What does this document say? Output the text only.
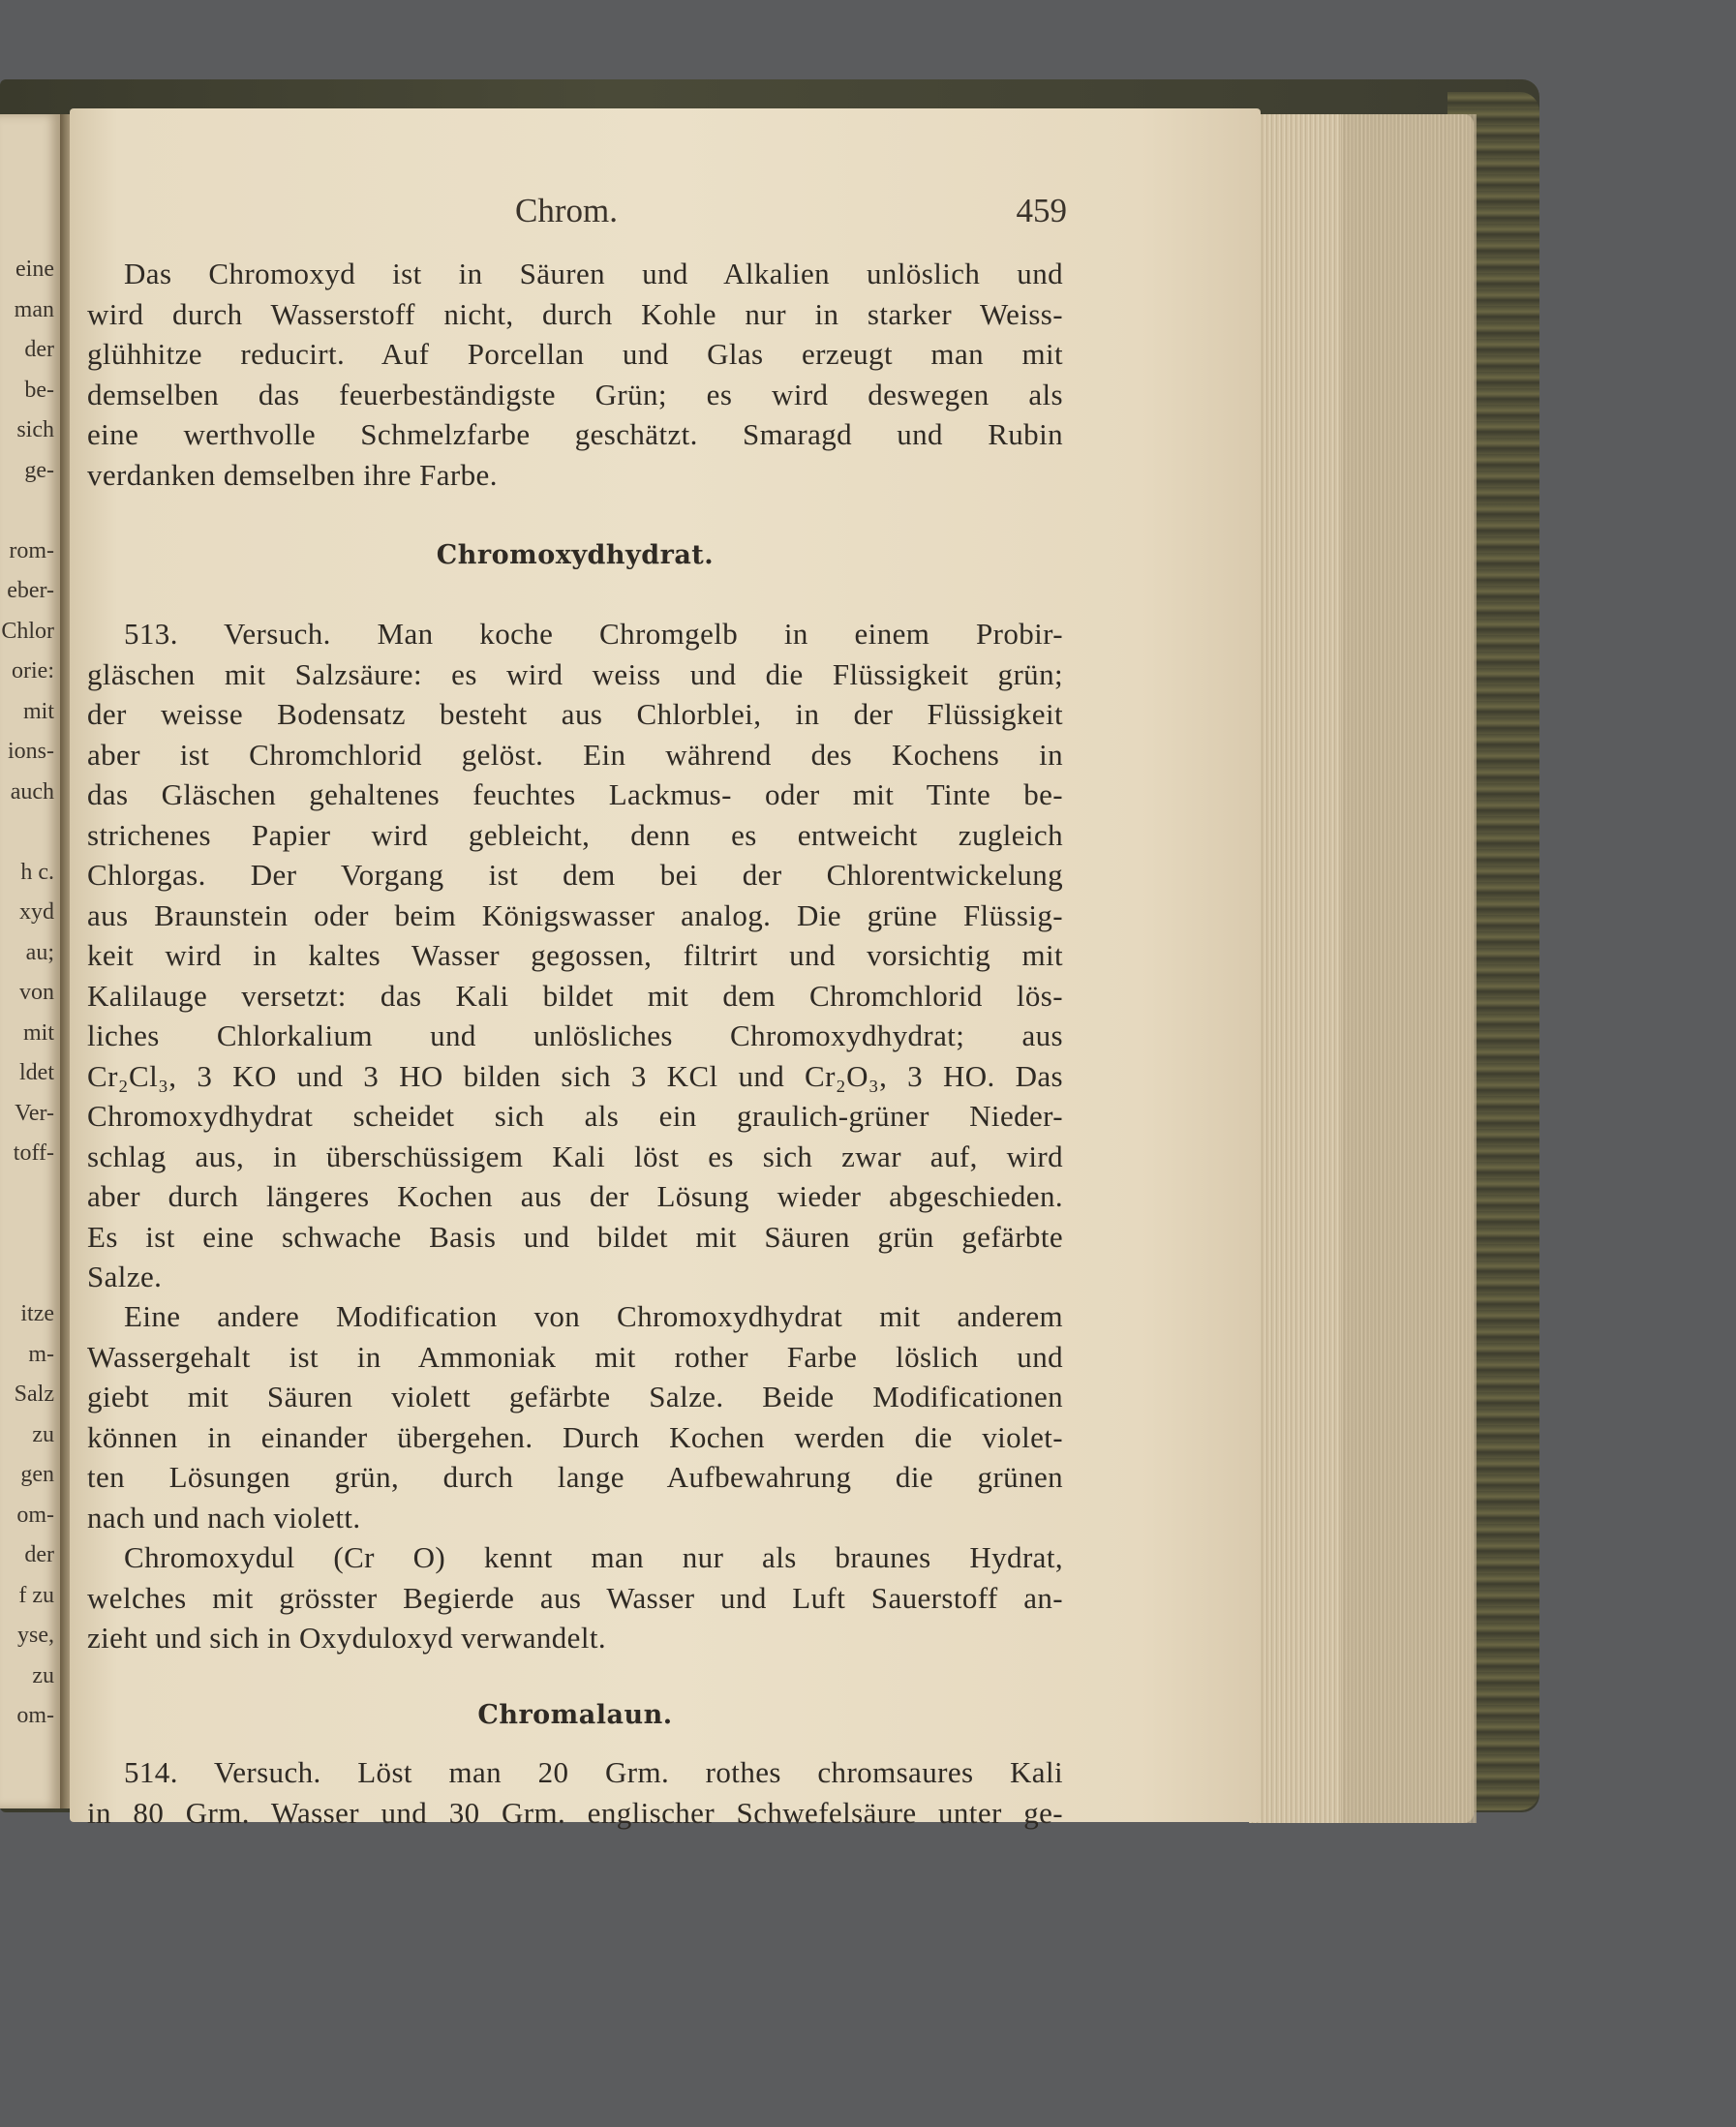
eine
man
der
be-
sich
ge-
rom-
eber-
Chlor
orie:
mit
ions-
auch
h c.
xyd
au;
von
mit
ldet
Ver-
toff-
itze
m-
Salz
zu
gen
om-
der
f zu
yse,
zu
om-
Chrom.	459
Das Chromoxyd ist in Säuren und Alkalien unlöslich und
wird durch Wasserstoff nicht, durch Kohle nur in starker Weiss-
glühhitze reducirt. Auf Porcellan und Glas erzeugt man mit
demselben das feuerbeständigste Grün; es wird deswegen als
eine werthvolle Schmelzfarbe geschätzt. Smaragd und Rubin
verdanken demselben ihre Farbe.
Chromoxydhydrat.
513. Versuch. Man koche Chromgelb in einem Probir-
gläschen mit Salzsäure: es wird weiss und die Flüssigkeit grün;
der weisse Bodensatz besteht aus Chlorblei, in der Flüssigkeit
aber ist Chromchlorid gelöst. Ein während des Kochens in
das Gläschen gehaltenes feuchtes Lackmus- oder mit Tinte be-
strichenes Papier wird gebleicht, denn es entweicht zugleich
Chlorgas. Der Vorgang ist dem bei der Chlorentwickelung
aus Braunstein oder beim Königswasser analog. Die grüne Flüssig-
keit wird in kaltes Wasser gegossen, filtrirt und vorsichtig mit
Kalilauge versetzt: das Kali bildet mit dem Chromchlorid lös-
liches Chlorkalium und unlösliches Chromoxydhydrat; aus
Cr₂Cl₃, 3 KO und 3 HO bilden sich 3 KCl und Cr₂O₃, 3 HO. Das
Chromoxydhydrat scheidet sich als ein graulich-grüner Nieder-
schlag aus, in überschüssigem Kali löst es sich zwar auf, wird
aber durch längeres Kochen aus der Lösung wieder abgeschieden.
Es ist eine schwache Basis und bildet mit Säuren grün gefärbte
Salze.
Eine andere Modification von Chromoxydhydrat mit anderem
Wassergehalt ist in Ammoniak mit rother Farbe löslich und
giebt mit Säuren violett gefärbte Salze. Beide Modificationen
können in einander übergehen. Durch Kochen werden die violet-
ten Lösungen grün, durch lange Aufbewahrung die grünen
nach und nach violett.
Chromoxydul (Cr O) kennt man nur als braunes Hydrat,
welches mit grösster Begierde aus Wasser und Luft Sauerstoff an-
zieht und sich in Oxyduloxyd verwandelt.
Chromalaun.
514. Versuch. Löst man 20 Grm. rothes chromsaures Kali
in 80 Grm. Wasser und 30 Grm. englischer Schwefelsäure unter ge-
